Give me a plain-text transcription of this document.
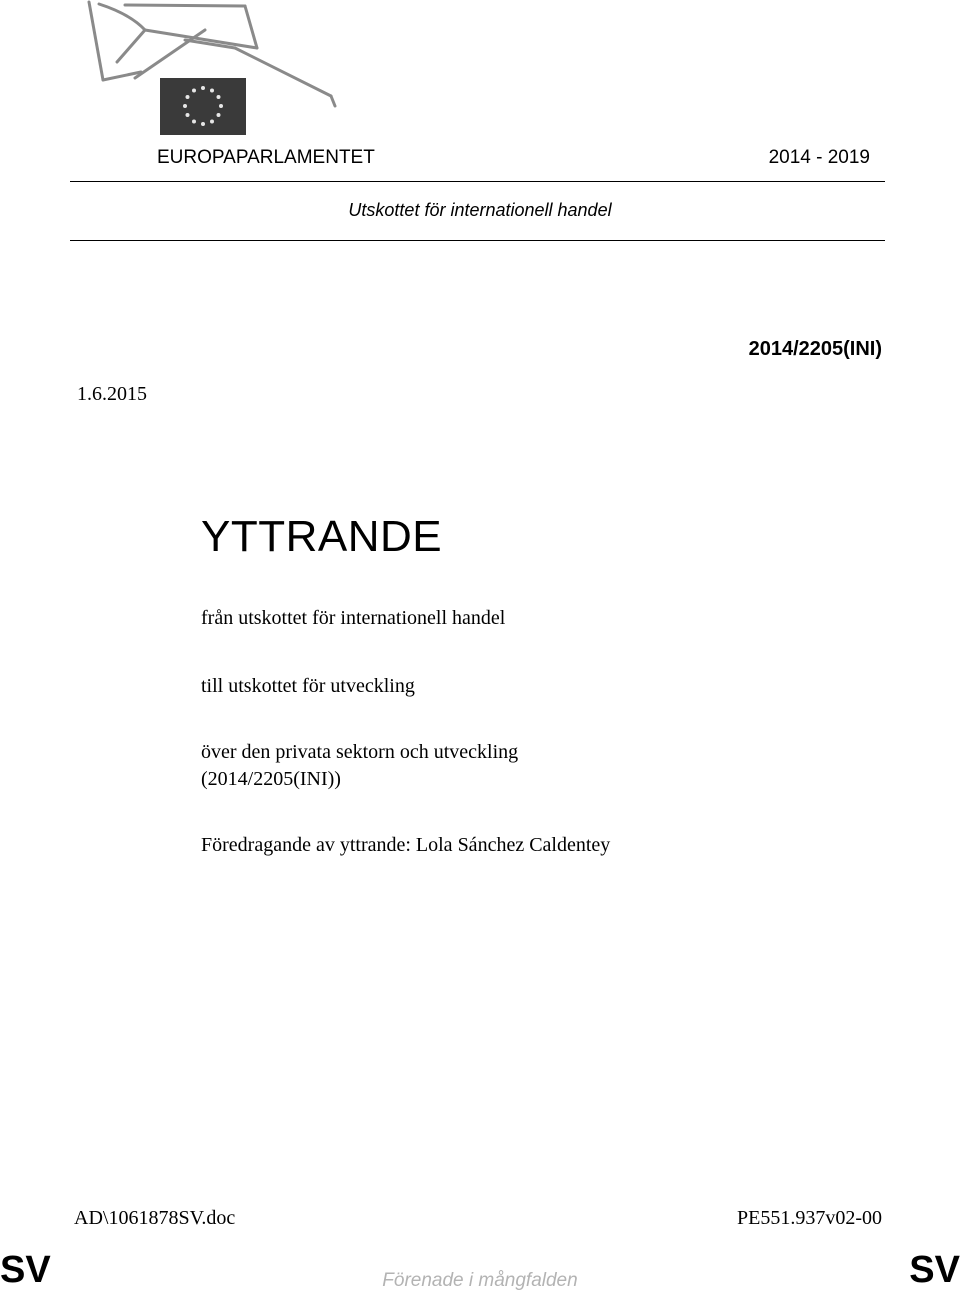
EUROPAPARLAMENTET	2014 - 2019
Utskottet för internationell handel
2014/2205(INI)
1.6.2015
YTTRANDE
från utskottet för internationell handel
till utskottet för utveckling
över den privata sektorn och utveckling
(2014/2205(INI))
Föredragande av yttrande: Lola Sánchez Caldentey
AD\1061878SV.doc	PE551.937v02-00
SV	Förenade i mångfalden	SV
